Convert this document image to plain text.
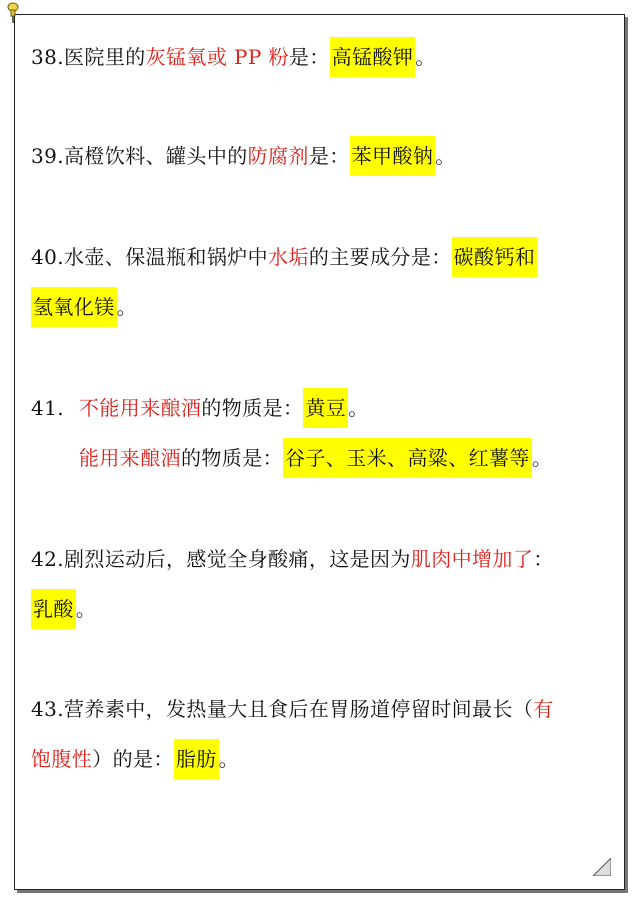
38.医院里的灰锰氧或 PP 粉是： 高锰酸钾 。
39.高橙饮料、罐头中的防腐剂是： 苯甲酸钠 。
40.水壶、保温瓶和锅炉中水垢的主要成分是： 碳酸钙和
氢氧化镁 。
41. 不能用来酿酒的物质是： 黄豆 。
能用来酿酒的物质是： 谷子、玉米、高粱、红薯等 。
42.剧烈运动后，感觉全身酸痛，这是因为肌肉中增加了：
乳酸 。
43.营养素中，发热量大且食后在胃肠道停留时间最长（有
饱腹性）的是： 脂肪 。
